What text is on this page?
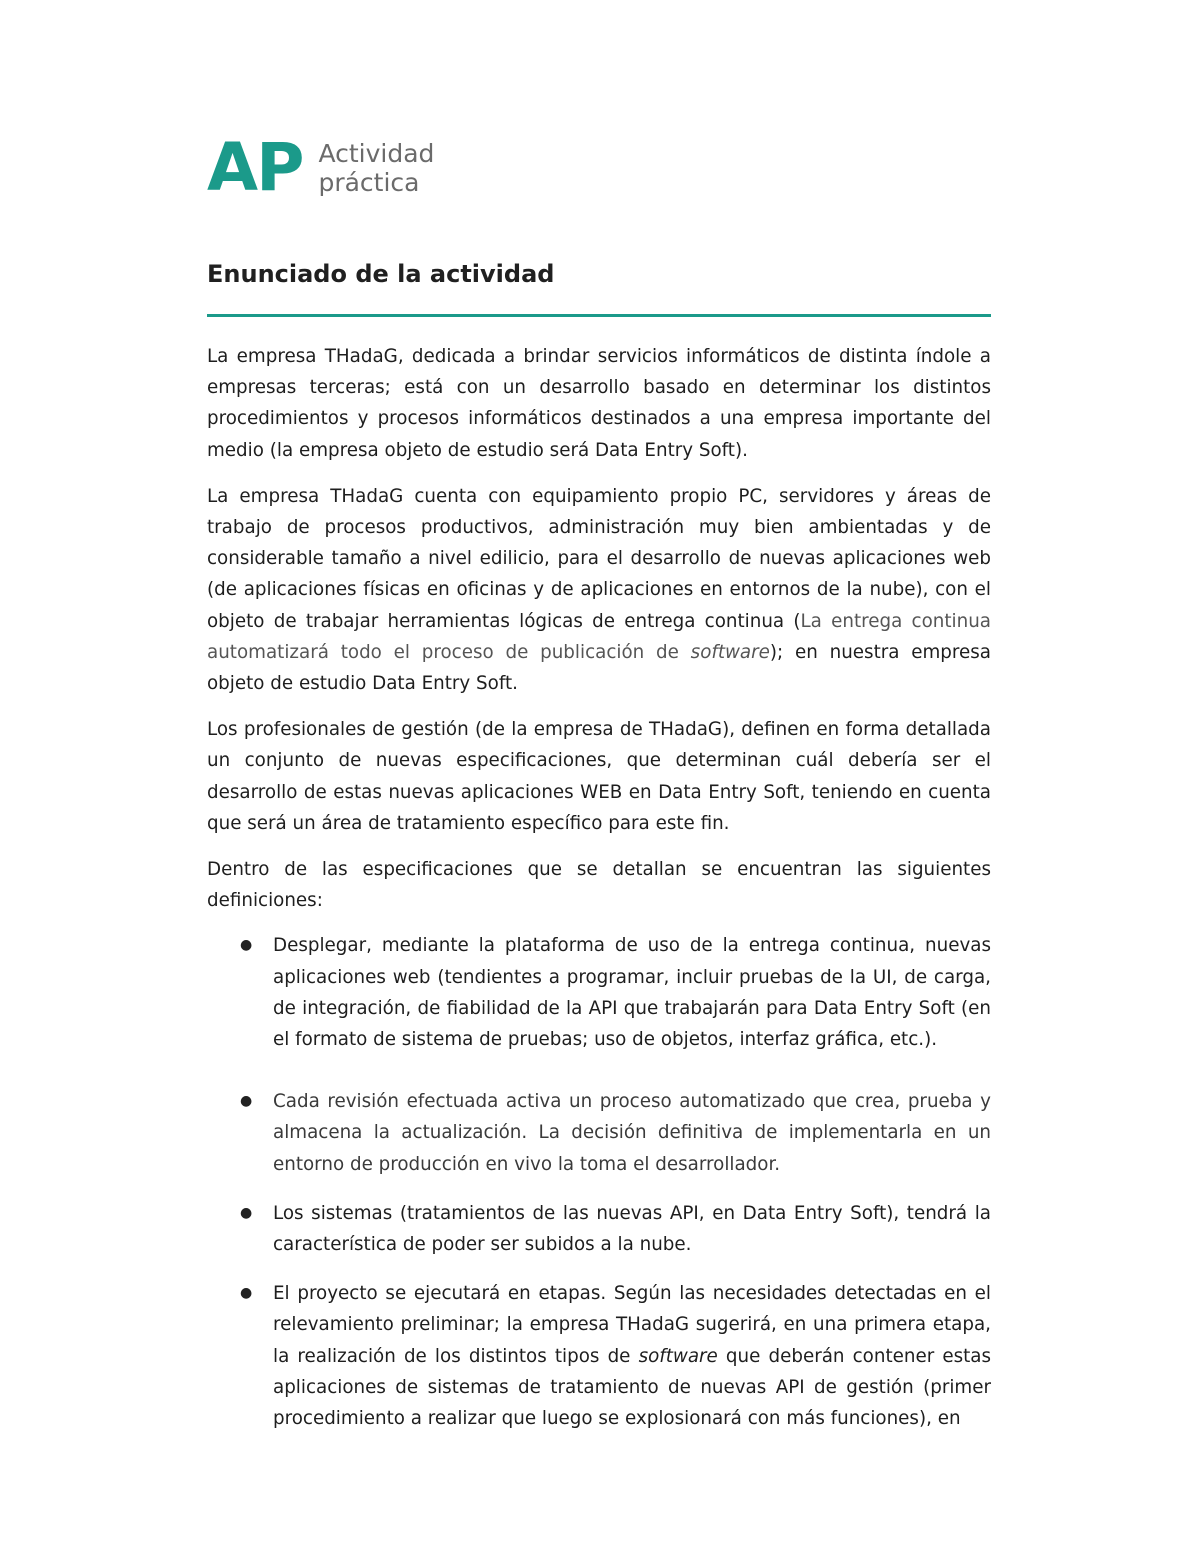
AP Actividad
práctica
Enunciado de la actividad

La empresa THadaG, dedicada a brindar servicios informáticos de distinta índole a empresas terceras; está con un desarrollo basado en determinar los distintos procedimientos y procesos informáticos destinados a una empresa importante del medio (la empresa objeto de estudio será Data Entry Soft).

La empresa THadaG cuenta con equipamiento propio PC, servidores y áreas de trabajo de procesos productivos, administración muy bien ambientadas y de considerable tamaño a nivel edilicio, para el desarrollo de nuevas aplicaciones web (de aplicaciones físicas en oficinas y de aplicaciones en entornos de la nube), con el objeto de trabajar herramientas lógicas de entrega continua (La entrega continua automatizará todo el proceso de publicación de software); en nuestra empresa objeto de estudio Data Entry Soft.

Los profesionales de gestión (de la empresa de THadaG), definen en forma detallada un conjunto de nuevas especificaciones, que determinan cuál debería ser el desarrollo de estas nuevas aplicaciones WEB en Data Entry Soft, teniendo en cuenta que será un área de tratamiento específico para este fin.

Dentro de las especificaciones que se detallan se encuentran las siguientes definiciones:

● Desplegar, mediante la plataforma de uso de la entrega continua, nuevas aplicaciones web (tendientes a programar, incluir pruebas de la UI, de carga, de integración, de fiabilidad de la API que trabajarán para Data Entry Soft (en el formato de sistema de pruebas; uso de objetos, interfaz gráfica, etc.).
● Cada revisión efectuada activa un proceso automatizado que crea, prueba y almacena la actualización. La decisión definitiva de implementarla en un entorno de producción en vivo la toma el desarrollador.
● Los sistemas (tratamientos de las nuevas API, en Data Entry Soft), tendrá la característica de poder ser subidos a la nube.
● El proyecto se ejecutará en etapas. Según las necesidades detectadas en el relevamiento preliminar; la empresa THadaG sugerirá, en una primera etapa, la realización de los distintos tipos de software que deberán contener estas aplicaciones de sistemas de tratamiento de nuevas API de gestión (primer procedimiento a realizar que luego se explosionará con más funciones), en
